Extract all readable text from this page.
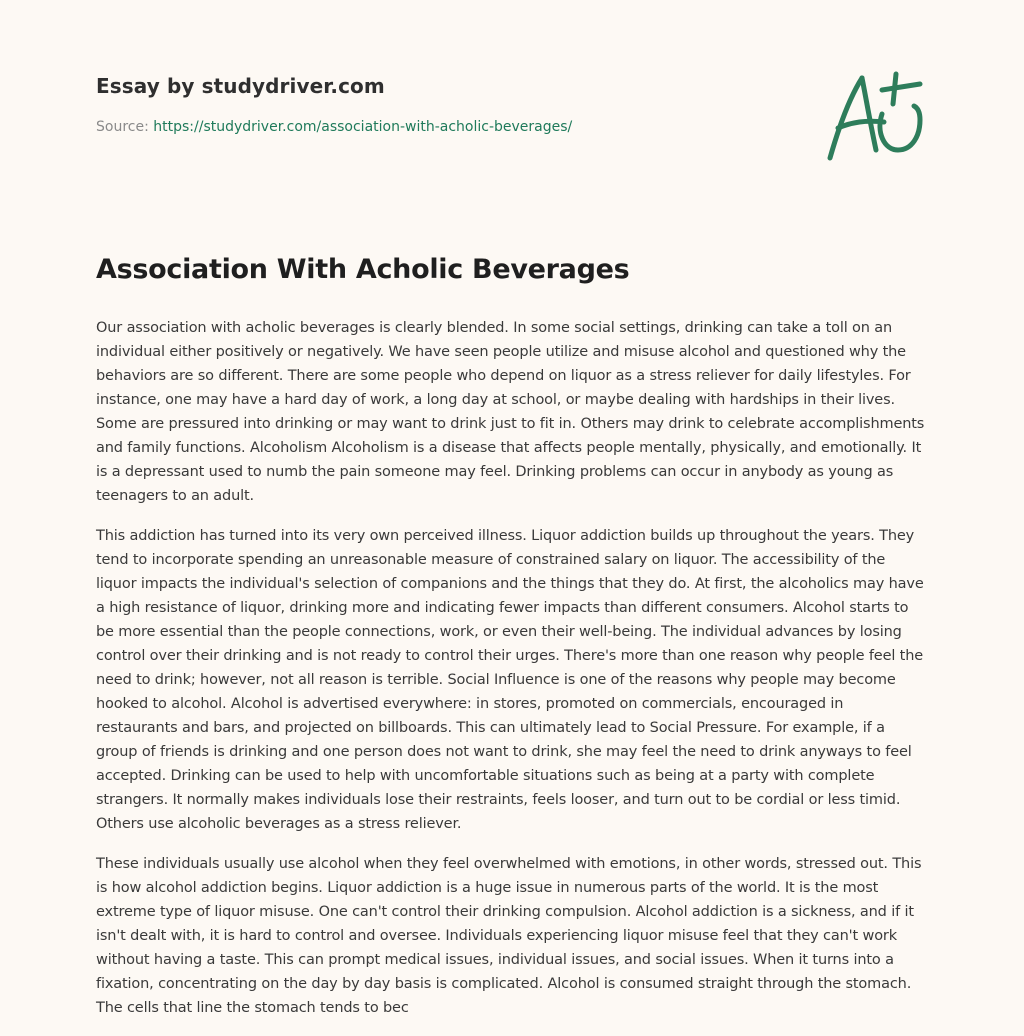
Essay by studydriver.com
Source: https://studydriver.com/association-with-acholic-beverages/
Association With Acholic Beverages

Our association with acholic beverages is clearly blended. In some social settings, drinking can take a toll on an individual either positively or negatively. We have seen people utilize and misuse alcohol and questioned why the behaviors are so different. There are some people who depend on liquor as a stress reliever for daily lifestyles. For instance, one may have a hard day of work, a long day at school, or maybe dealing with hardships in their lives. Some are pressured into drinking or may want to drink just to fit in. Others may drink to celebrate accomplishments and family functions. Alcoholism Alcoholism is a disease that affects people mentally, physically, and emotionally. It is a depressant used to numb the pain someone may feel. Drinking problems can occur in anybody as young as teenagers to an adult.

This addiction has turned into its very own perceived illness. Liquor addiction builds up throughout the years. They tend to incorporate spending an unreasonable measure of constrained salary on liquor. The accessibility of the liquor impacts the individual's selection of companions and the things that they do. At first, the alcoholics may have a high resistance of liquor, drinking more and indicating fewer impacts than different consumers. Alcohol starts to be more essential than the people connections, work, or even their well-being. The individual advances by losing control over their drinking and is not ready to control their urges. There's more than one reason why people feel the need to drink; however, not all reason is terrible. Social Influence is one of the reasons why people may become hooked to alcohol. Alcohol is advertised everywhere: in stores, promoted on commercials, encouraged in restaurants and bars, and projected on billboards. This can ultimately lead to Social Pressure. For example, if a group of friends is drinking and one person does not want to drink, she may feel the need to drink anyways to feel accepted. Drinking can be used to help with uncomfortable situations such as being at a party with complete strangers. It normally makes individuals lose their restraints, feels looser, and turn out to be cordial or less timid. Others use alcoholic beverages as a stress reliever.

These individuals usually use alcohol when they feel overwhelmed with emotions, in other words, stressed out. This is how alcohol addiction begins. Liquor addiction is a huge issue in numerous parts of the world. It is the most extreme type of liquor misuse. One can't control their drinking compulsion. Alcohol addiction is a sickness, and if it isn't dealt with, it is hard to control and oversee. Individuals experiencing liquor misuse feel that they can't work without having a taste. This can prompt medical issues, individual issues, and social issues. When it turns into a fixation, concentrating on the day by day basis is complicated. Alcohol is consumed straight through the stomach. The cells that line the stomach tends to bec
